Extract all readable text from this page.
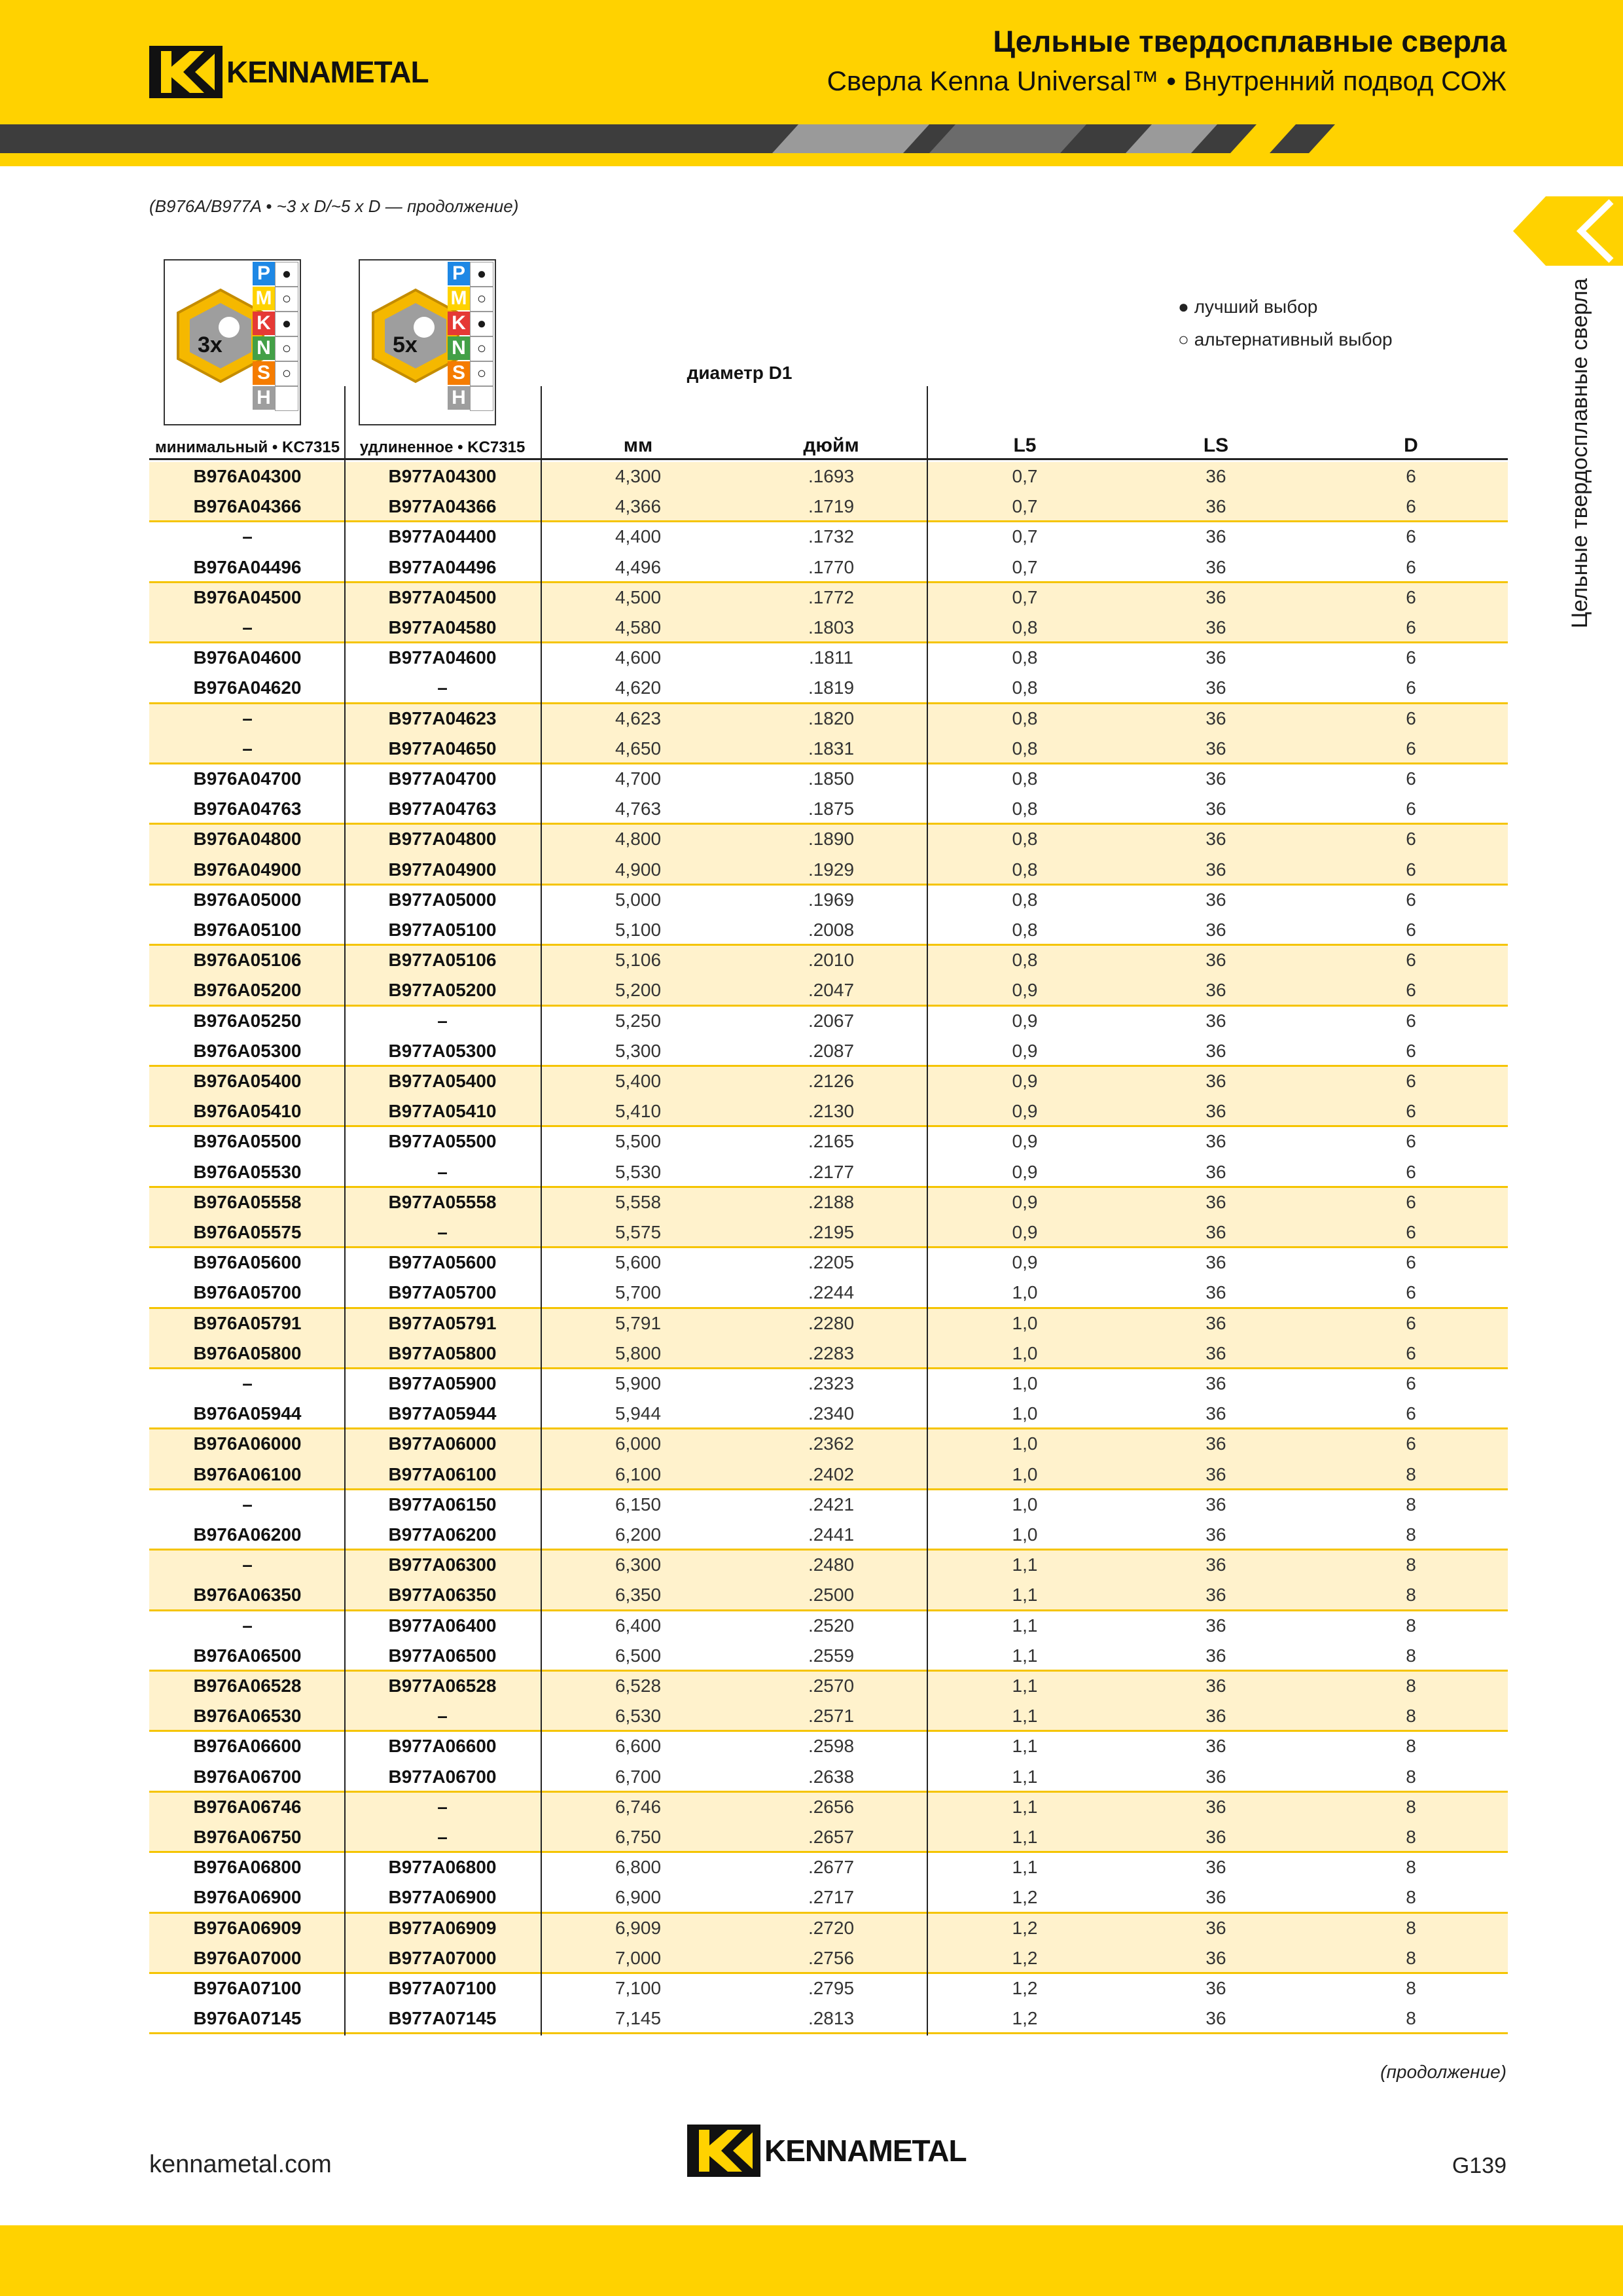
KENNAMETAL
Цельные твердосплавные сверла
Сверла Kenna Universal™ • Внутренний подвод СОЖ
Цельные твердосплавные сверла
(B976A/B977A • ~3 x D/~5 x D — продолжение)
3x
P ●
M ○
K ●
N ○
S ○
H
5x
P ●
M ○
K ●
N ○
S ○
H
● лучший выбор
○ альтернативный выбор
диаметр D1
минимальный • KC7315	удлиненное • KC7315	мм	дюйм	L5	LS	D
B976A04300	B977A04300	4,300	.1693	0,7	36	6
B976A04366	B977A04366	4,366	.1719	0,7	36	6
–	B977A04400	4,400	.1732	0,7	36	6
B976A04496	B977A04496	4,496	.1770	0,7	36	6
B976A04500	B977A04500	4,500	.1772	0,7	36	6
–	B977A04580	4,580	.1803	0,8	36	6
B976A04600	B977A04600	4,600	.1811	0,8	36	6
B976A04620	–	4,620	.1819	0,8	36	6
–	B977A04623	4,623	.1820	0,8	36	6
–	B977A04650	4,650	.1831	0,8	36	6
B976A04700	B977A04700	4,700	.1850	0,8	36	6
B976A04763	B977A04763	4,763	.1875	0,8	36	6
B976A04800	B977A04800	4,800	.1890	0,8	36	6
B976A04900	B977A04900	4,900	.1929	0,8	36	6
B976A05000	B977A05000	5,000	.1969	0,8	36	6
B976A05100	B977A05100	5,100	.2008	0,8	36	6
B976A05106	B977A05106	5,106	.2010	0,8	36	6
B976A05200	B977A05200	5,200	.2047	0,9	36	6
B976A05250	–	5,250	.2067	0,9	36	6
B976A05300	B977A05300	5,300	.2087	0,9	36	6
B976A05400	B977A05400	5,400	.2126	0,9	36	6
B976A05410	B977A05410	5,410	.2130	0,9	36	6
B976A05500	B977A05500	5,500	.2165	0,9	36	6
B976A05530	–	5,530	.2177	0,9	36	6
B976A05558	B977A05558	5,558	.2188	0,9	36	6
B976A05575	–	5,575	.2195	0,9	36	6
B976A05600	B977A05600	5,600	.2205	0,9	36	6
B976A05700	B977A05700	5,700	.2244	1,0	36	6
B976A05791	B977A05791	5,791	.2280	1,0	36	6
B976A05800	B977A05800	5,800	.2283	1,0	36	6
–	B977A05900	5,900	.2323	1,0	36	6
B976A05944	B977A05944	5,944	.2340	1,0	36	6
B976A06000	B977A06000	6,000	.2362	1,0	36	6
B976A06100	B977A06100	6,100	.2402	1,0	36	8
–	B977A06150	6,150	.2421	1,0	36	8
B976A06200	B977A06200	6,200	.2441	1,0	36	8
–	B977A06300	6,300	.2480	1,1	36	8
B976A06350	B977A06350	6,350	.2500	1,1	36	8
–	B977A06400	6,400	.2520	1,1	36	8
B976A06500	B977A06500	6,500	.2559	1,1	36	8
B976A06528	B977A06528	6,528	.2570	1,1	36	8
B976A06530	–	6,530	.2571	1,1	36	8
B976A06600	B977A06600	6,600	.2598	1,1	36	8
B976A06700	B977A06700	6,700	.2638	1,1	36	8
B976A06746	–	6,746	.2656	1,1	36	8
B976A06750	–	6,750	.2657	1,1	36	8
B976A06800	B977A06800	6,800	.2677	1,1	36	8
B976A06900	B977A06900	6,900	.2717	1,2	36	8
B976A06909	B977A06909	6,909	.2720	1,2	36	8
B976A07000	B977A07000	7,000	.2756	1,2	36	8
B976A07100	B977A07100	7,100	.2795	1,2	36	8
B976A07145	B977A07145	7,145	.2813	1,2	36	8
(продолжение)
kennametal.com	KENNAMETAL	G139
